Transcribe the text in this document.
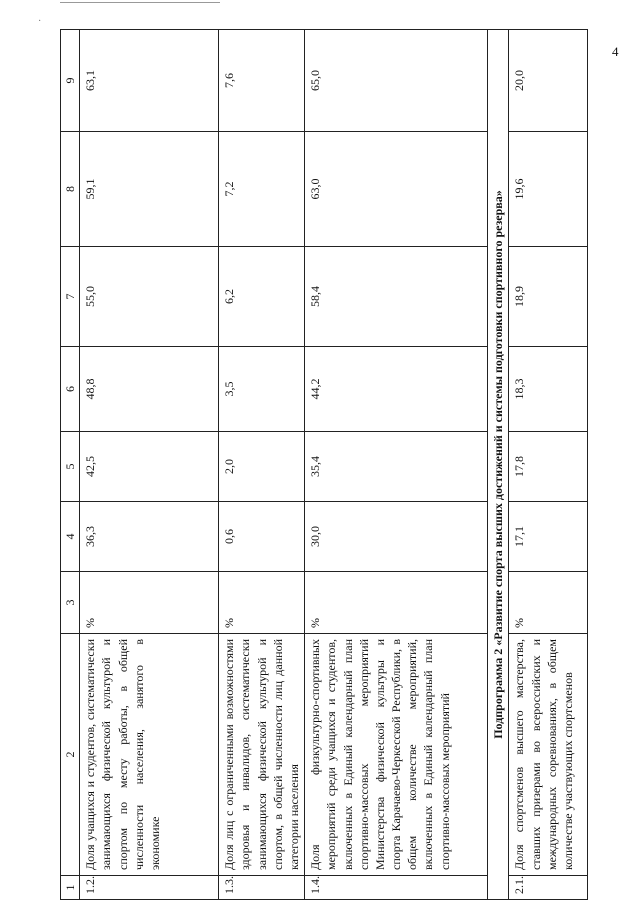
·
4
1	2	3	4	5	6	7	8	9
1.2.	Доля учащихся и студентов, систематически занимающихся физической культурой и спортом по месту работы, в общей численности населения, занятого в экономике	%	36,3	42,5	48,8	55,0	59,1	63,1
1.3.	Доля лиц с ограниченными возможностями здоровья и инвалидов, систематически занимающихся физической культурой и спортом, в общей численности лиц данной категории населения	%	0,6	2,0	3,5	6,2	7,2	7,6
1.4.	Доля физкультурно-спортивных мероприятий среди учащихся и студентов, включенных в Единый календарный план спортивно-массовых мероприятий Министерства физической культуры и спорта Карачаево-Черкесской Республики, в общем количестве мероприятий, включенных в Единый календарный план спортивно-массовых мероприятий	%	30,0	35,4	44,2	58,4	63,0	65,0
Подпрограмма 2 «Развитие спорта высших достижений и системы подготовки спортивного резерва»								
2.1.	Доля спортсменов высшего мастерства, ставших призерами во всероссийских и международных соревнованиях, в общем количестве участвующих спортсменов	%	17,1	17,8	18,3	18,9	19,6	20,0
